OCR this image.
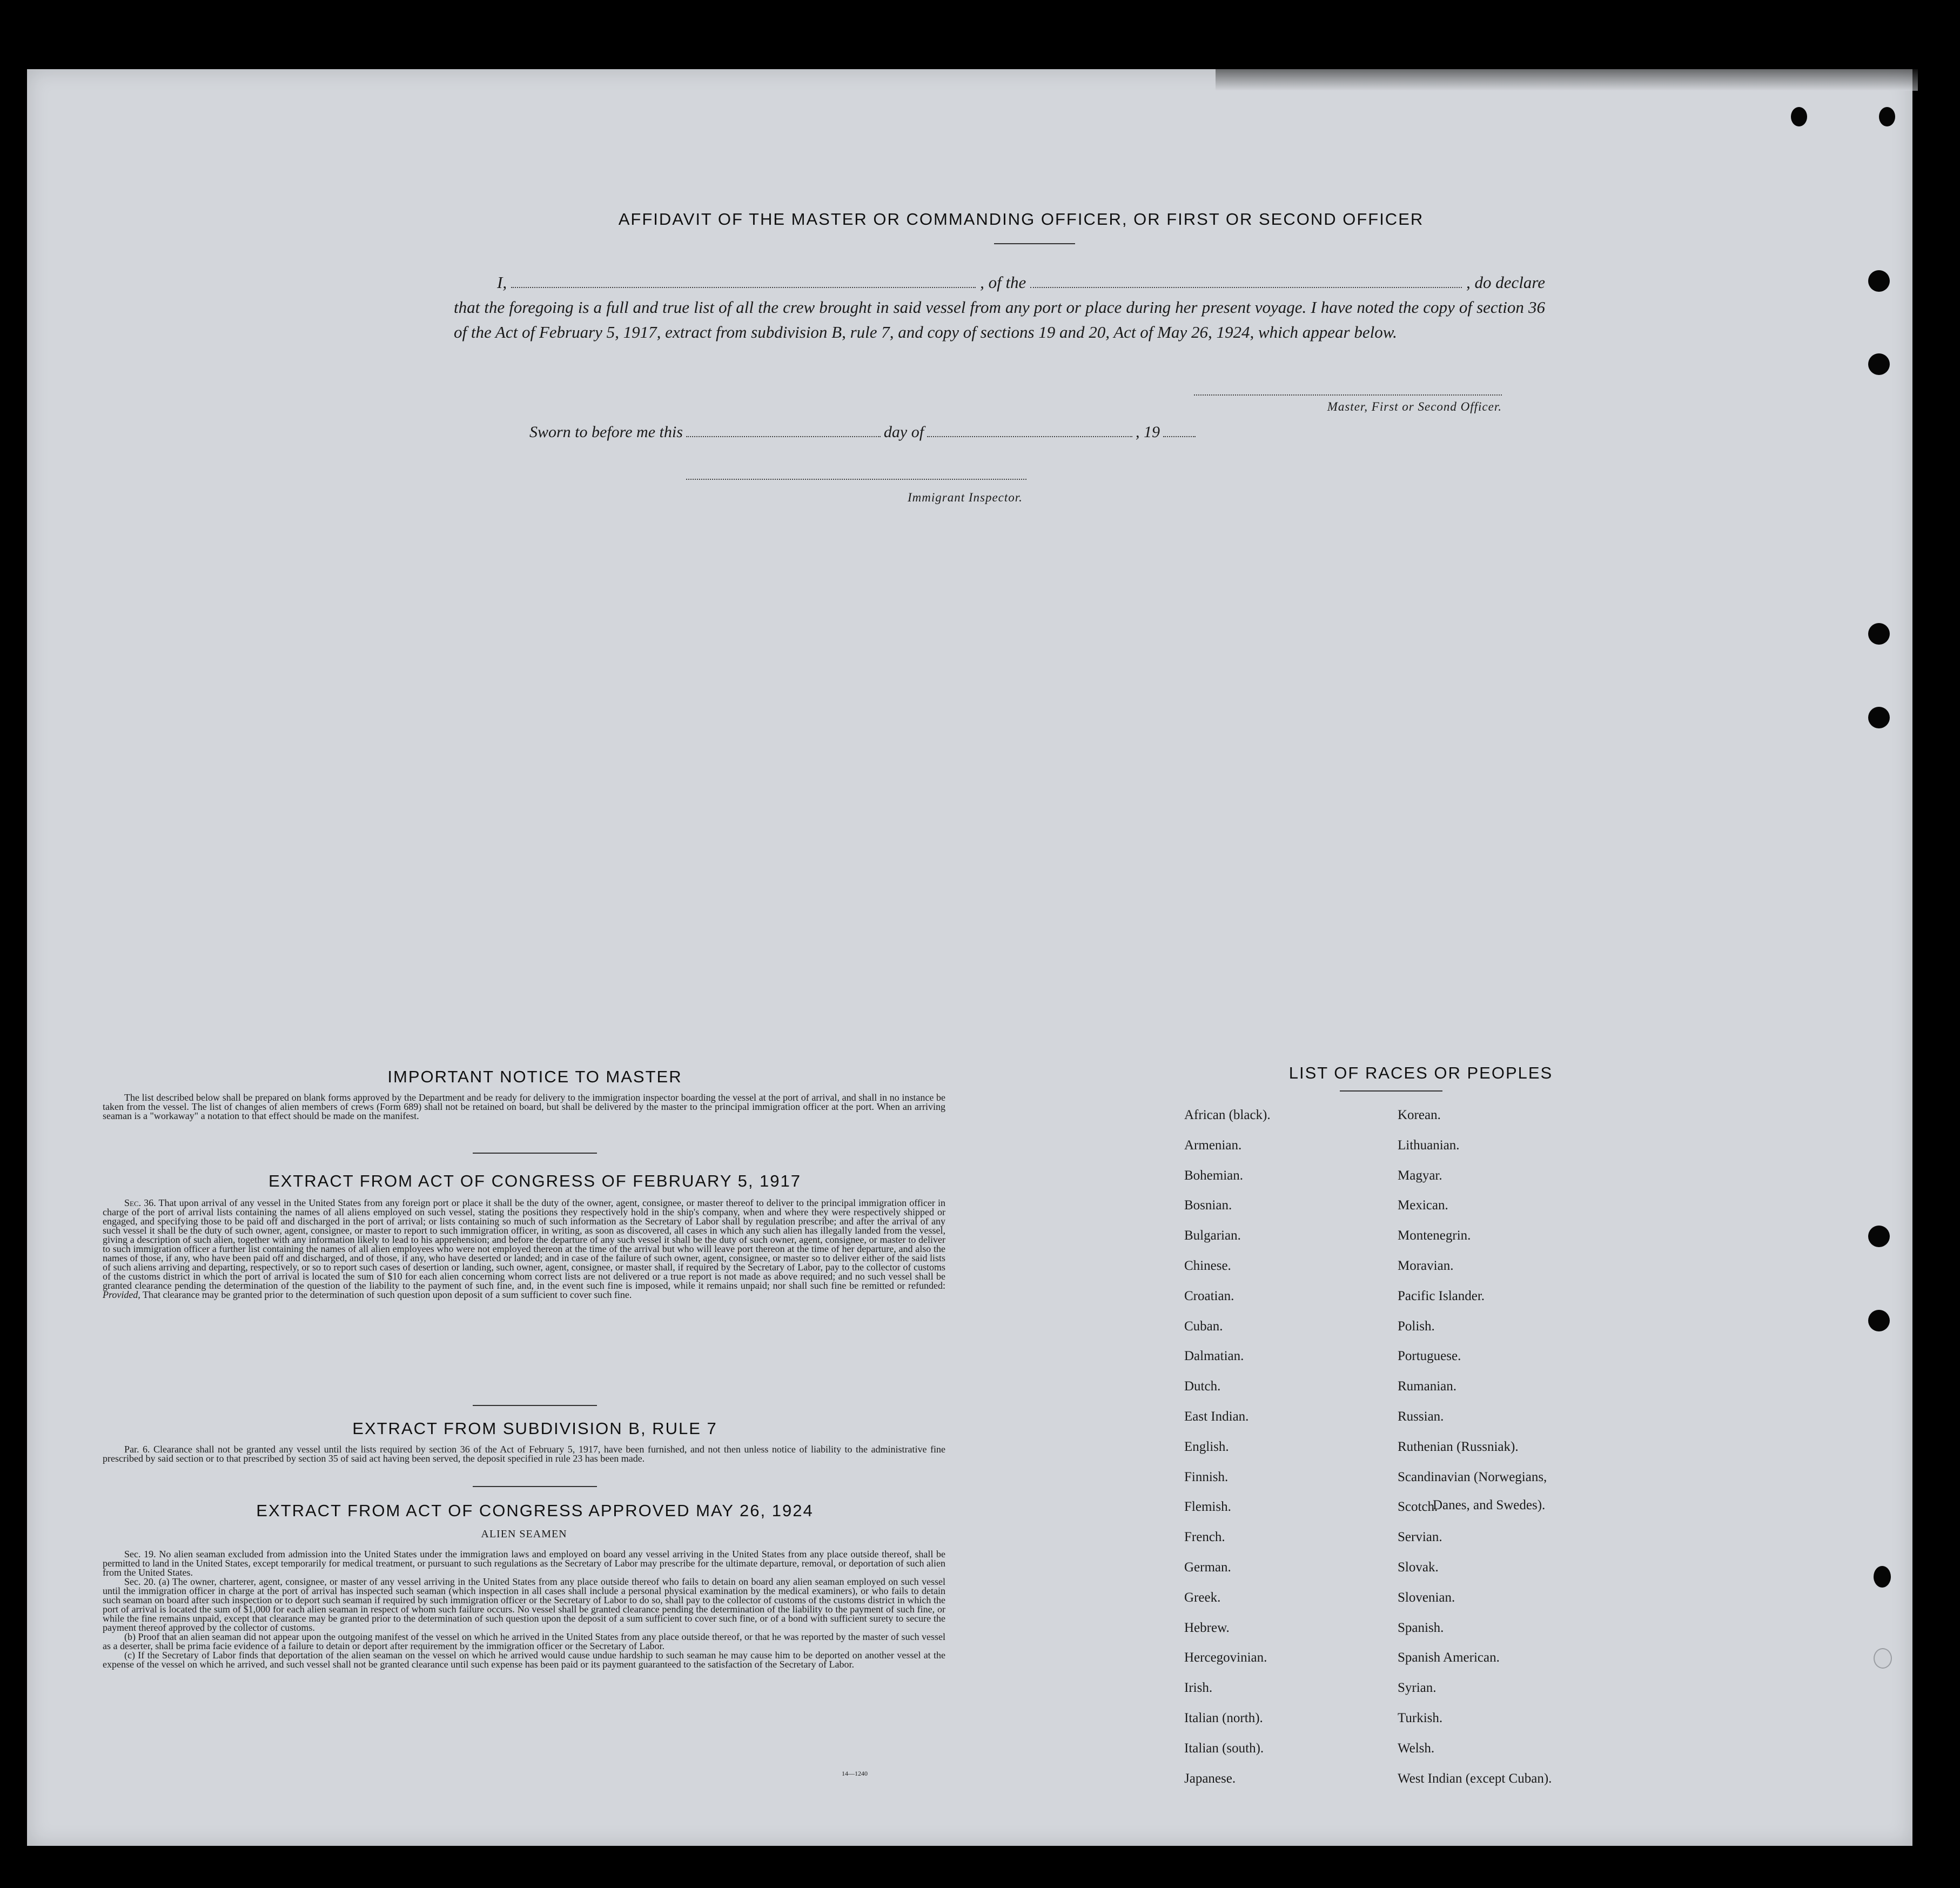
AFFIDAVIT OF THE MASTER OR COMMANDING OFFICER, OR FIRST OR SECOND OFFICER
I,	, of the	, do declare
that the foregoing is a full and true list of all the crew brought in said vessel from any port or place during her present voyage. I have noted the copy of section 36 of the Act of February 5, 1917, extract from subdivision B, rule 7, and copy of sections 19 and 20, Act of May 26, 1924, which appear below.
Master, First or Second Officer.
Sworn to before me this	day of	, 19
Immigrant Inspector.
IMPORTANT NOTICE TO MASTER

The list described below shall be prepared on blank forms approved by the Department and be ready for delivery to the immigration inspector boarding the vessel at the port of arrival, and shall in no instance be taken from the vessel. The list of changes of alien members of crews (Form 689) shall not be retained on board, but shall be delivered by the master to the principal immigration officer at the port. When an arriving seaman is a "workaway" a notation to that effect should be made on the manifest.

EXTRACT FROM ACT OF CONGRESS OF FEBRUARY 5, 1917

Sec. 36. That upon arrival of any vessel in the United States from any foreign port or place it shall be the duty of the owner, agent, consignee, or master thereof to deliver to the principal immigration officer in charge of the port of arrival lists containing the names of all aliens employed on such vessel, stating the positions they respectively hold in the ship's company, when and where they were respectively shipped or engaged, and specifying those to be paid off and discharged in the port of arrival; or lists containing so much of such information as the Secretary of Labor shall by regulation prescribe; and after the arrival of any such vessel it shall be the duty of such owner, agent, consignee, or master to report to such immigration officer, in writing, as soon as discovered, all cases in which any such alien has illegally landed from the vessel, giving a description of such alien, together with any information likely to lead to his apprehension; and before the departure of any such vessel it shall be the duty of such owner, agent, consignee, or master to deliver to such immigration officer a further list containing the names of all alien employees who were not employed thereon at the time of the arrival but who will leave port thereon at the time of her departure, and also the names of those, if any, who have been paid off and discharged, and of those, if any, who have deserted or landed; and in case of the failure of such owner, agent, consignee, or master so to deliver either of the said lists of such aliens arriving and departing, respectively, or so to report such cases of desertion or landing, such owner, agent, consignee, or master shall, if required by the Secretary of Labor, pay to the collector of customs of the customs district in which the port of arrival is located the sum of $10 for each alien concerning whom correct lists are not delivered or a true report is not made as above required; and no such vessel shall be granted clearance pending the determination of the question of the liability to the payment of such fine, and, in the event such fine is imposed, while it remains unpaid; nor shall such fine be remitted or refunded: Provided, That clearance may be granted prior to the determination of such question upon deposit of a sum sufficient to cover such fine.

EXTRACT FROM SUBDIVISION B, RULE 7

Par. 6. Clearance shall not be granted any vessel until the lists required by section 36 of the Act of February 5, 1917, have been furnished, and not then unless notice of liability to the administrative fine prescribed by said section or to that prescribed by section 35 of said act having been served, the deposit specified in rule 23 has been made.

EXTRACT FROM ACT OF CONGRESS APPROVED MAY 26, 1924
ALIEN SEAMEN

Sec. 19. No alien seaman excluded from admission into the United States under the immigration laws and employed on board any vessel arriving in the United States from any place outside thereof, shall be permitted to land in the United States, except temporarily for medical treatment, or pursuant to such regulations as the Secretary of Labor may prescribe for the ultimate departure, removal, or deportation of such alien from the United States.

Sec. 20. (a) The owner, charterer, agent, consignee, or master of any vessel arriving in the United States from any place outside thereof who fails to detain on board any alien seaman employed on such vessel until the immigration officer in charge at the port of arrival has inspected such seaman (which inspection in all cases shall include a personal physical examination by the medical examiners), or who fails to detain such seaman on board after such inspection or to deport such seaman if required by such immigration officer or the Secretary of Labor to do so, shall pay to the collector of customs of the customs district in which the port of arrival is located the sum of $1,000 for each alien seaman in respect of whom such failure occurs. No vessel shall be granted clearance pending the determination of the liability to the payment of such fine, or while the fine remains unpaid, except that clearance may be granted prior to the determination of such question upon the deposit of a sum sufficient to cover such fine, or of a bond with sufficient surety to secure the payment thereof approved by the collector of customs.

(b) Proof that an alien seaman did not appear upon the outgoing manifest of the vessel on which he arrived in the United States from any place outside thereof, or that he was reported by the master of such vessel as a deserter, shall be prima facie evidence of a failure to detain or deport after requirement by the immigration officer or the Secretary of Labor.

(c) If the Secretary of Labor finds that deportation of the alien seaman on the vessel on which he arrived would cause undue hardship to such seaman he may cause him to be deported on another vessel at the expense of the vessel on which he arrived, and such vessel shall not be granted clearance until such expense has been paid or its payment guaranteed to the satisfaction of the Secretary of Labor.

14—1240
LIST OF RACES OR PEOPLES
African (black).
Armenian.
Bohemian.
Bosnian.
Bulgarian.
Chinese.
Croatian.
Cuban.
Dalmatian.
Dutch.
East Indian.
English.
Finnish.
Flemish.
French.
German.
Greek.
Hebrew.
Hercegovinian.
Irish.
Italian (north).
Italian (south).
Japanese.
Korean.
Lithuanian.
Magyar.
Mexican.
Montenegrin.
Moravian.
Pacific Islander.
Polish.
Portuguese.
Rumanian.
Russian.
Ruthenian (Russniak).
Scandinavian (Norwegians,
Scotch.
Servian.
Slovak.
Slovenian.
Spanish.
Spanish American.
Syrian.
Turkish.
Welsh.
West Indian (except Cuban).
Danes, and Swedes).
